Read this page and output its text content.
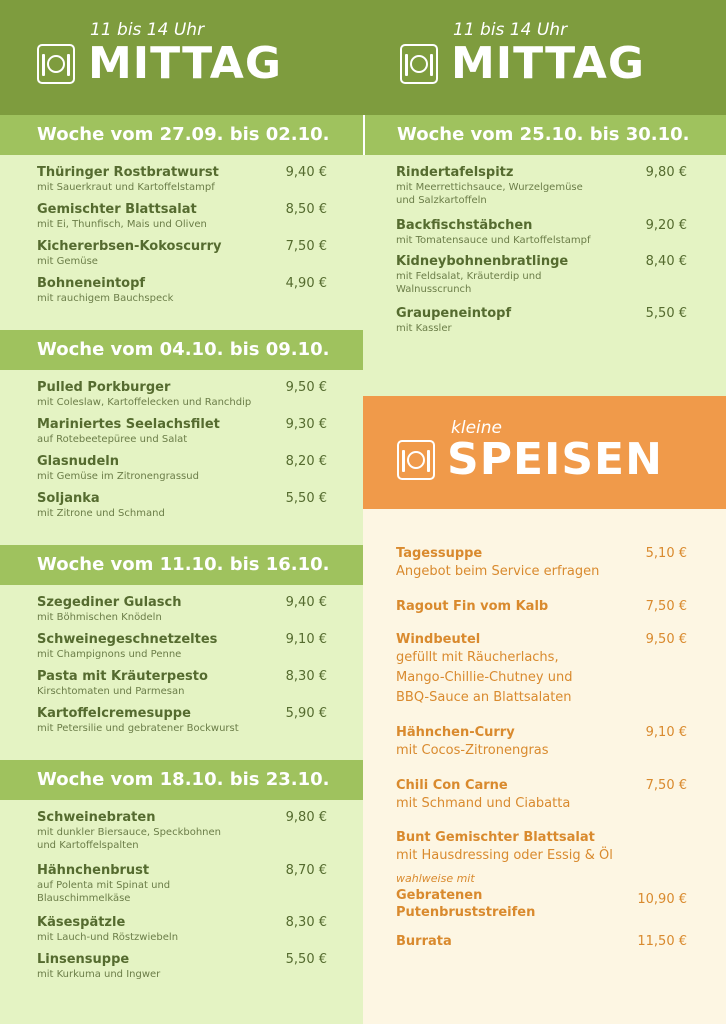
11 bis 14 Uhr
MITTAG
11 bis 14 Uhr
MITTAG
Woche vom 27.09. bis 02.10.
Woche vom 04.10. bis 09.10.
Woche vom 11.10. bis 16.10.
Woche vom 18.10. bis 23.10.
Woche vom 25.10. bis 30.10.
Thüringer Rostbratwurst
mit Sauerkraut und Kartoffelstampf
9,40 €
Gemischter Blattsalat
mit Ei, Thunfisch, Mais und Oliven
8,50 €
Kichererbsen-Kokoscurry
mit Gemüse
7,50 €
Bohneneintopf
mit rauchigem Bauchspeck
4,90 €
Pulled Porkburger
mit Coleslaw, Kartoffelecken und Ranchdip
9,50 €
Mariniertes Seelachsfilet
auf Rotebeetepüree und Salat
9,30 €
Glasnudeln
mit Gemüse im Zitronengrassud
8,20 €
Soljanka
mit Zitrone und Schmand
5,50 €
Szegediner Gulasch
mit Böhmischen Knödeln
9,40 €
Schweinegeschnetzeltes
mit Champignons und Penne
9,10 €
Pasta mit Kräuterpesto
Kirschtomaten und Parmesan
8,30 €
Kartoffelcremesuppe
mit Petersilie und gebratener Bockwurst
5,90 €
Schweinebraten
mit dunkler Biersauce, Speckbohnen
und Kartoffelspalten
9,80 €
Hähnchenbrust
auf Polenta mit Spinat und
Blauschimmelkäse
8,70 €
Käsespätzle
mit Lauch-und Röstzwiebeln
8,30 €
Linsensuppe
mit Kurkuma und Ingwer
5,50 €
Rindertafelspitz
mit Meerrettichsauce, Wurzelgemüse
und Salzkartoffeln
9,80 €
Backfischstäbchen
mit Tomatensauce und Kartoffelstampf
9,20 €
Kidneybohnenbratlinge
mit Feldsalat, Kräuterdip und
Walnusscrunch
8,40 €
Graupeneintopf
mit Kassler
5,50 €
kleine
SPEISEN
Tagessuppe
Angebot beim Service erfragen
5,10 €
Ragout Fin vom Kalb	7,50 €
Windbeutel
gefüllt mit Räucherlachs,
Mango-Chillie-Chutney und
BBQ-Sauce an Blattsalaten
9,50 €
Hähnchen-Curry
mit Cocos-Zitronengras
9,10 €
Chili Con Carne
mit Schmand und Ciabatta
7,50 €
Bunt Gemischter Blattsalat
mit Hausdressing oder Essig & Öl
wahlweise mit
Gebratenen
Putenbruststreifen
10,90 €
Burrata	11,50 €
